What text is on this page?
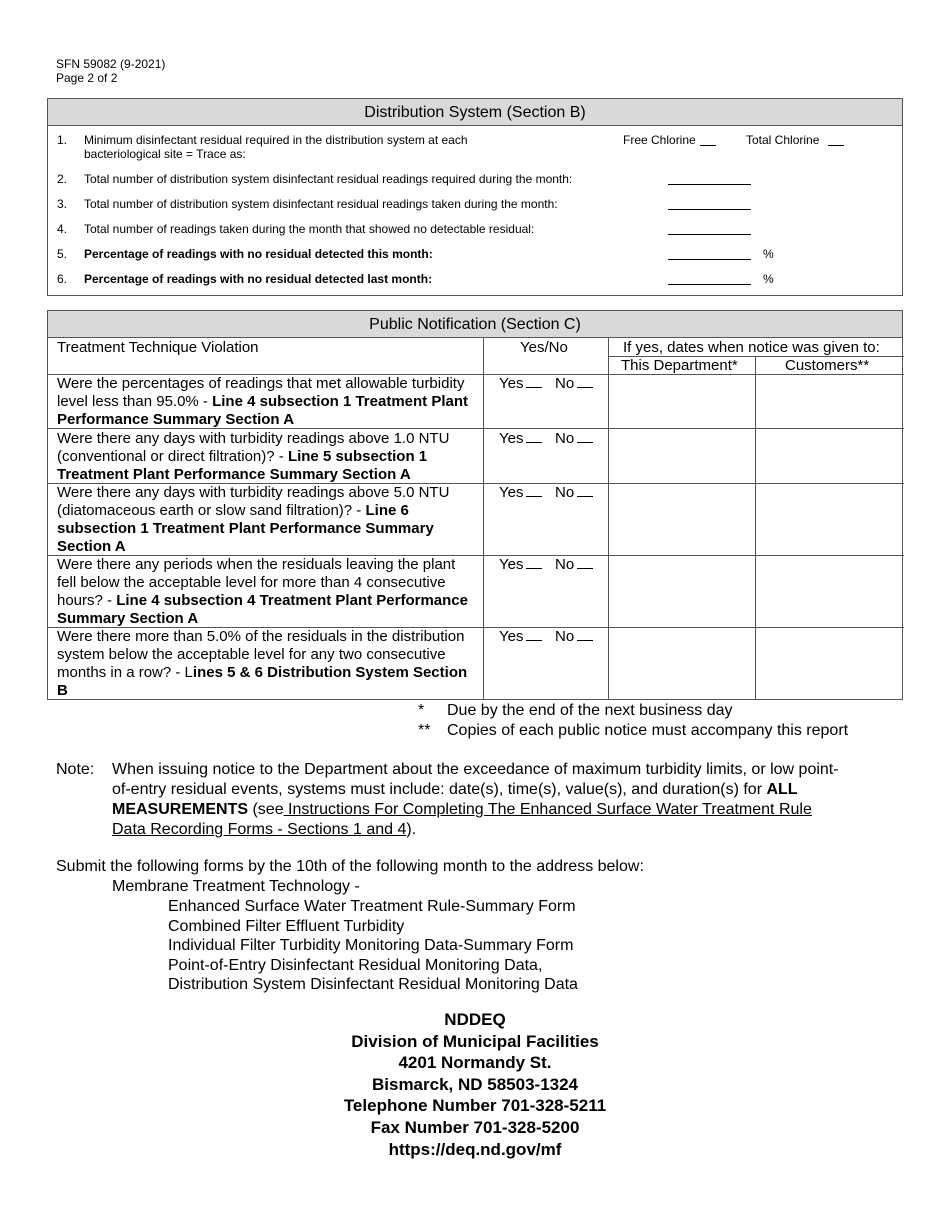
SFN 59082 (9-2021)
Page 2 of 2
Distribution System (Section B)
1. Minimum disinfectant residual required in the distribution system at each bacteriological site = Trace as:
Free Chlorine	Total Chlorine
2. Total number of distribution system disinfectant residual readings required during the month:
3. Total number of distribution system disinfectant residual readings taken during the month:
4. Total number of readings taken during the month that showed no detectable residual:
5. Percentage of readings with no residual detected this month:	%
6. Percentage of readings with no residual detected last month:	%
Public Notification (Section C)
Treatment Technique Violation	Yes/No	If yes, dates when notice was given to:
This Department*	Customers**
Were the percentages of readings that met allowable turbidity level less than 95.0% - Line 4 subsection 1 Treatment Plant Performance Summary Section A
Yes No
Were there any days with turbidity readings above 1.0 NTU (conventional or direct filtration)? - Line 5 subsection 1 Treatment Plant Performance Summary Section A
Yes No
Were there any days with turbidity readings above 5.0 NTU (diatomaceous earth or slow sand filtration)? - Line 6 subsection 1 Treatment Plant Performance Summary Section A
Yes No
Were there any periods when the residuals leaving the plant fell below the acceptable level for more than 4 consecutive hours? - Line 4 subsection 4 Treatment Plant Performance Summary Section A
Yes No
Were there more than 5.0% of the residuals in the distribution system below the acceptable level for any two consecutive months in a row? - Lines 5 & 6 Distribution System Section B
Yes No
* Due by the end of the next business day
** Copies of each public notice must accompany this report
Note: When issuing notice to the Department about the exceedance of maximum turbidity limits, or low point-of-entry residual events, systems must include: date(s), time(s), value(s), and duration(s) for ALL MEASUREMENTS (see Instructions For Completing The Enhanced Surface Water Treatment Rule Data Recording Forms - Sections 1 and 4).
Submit the following forms by the 10th of the following month to the address below:
Membrane Treatment Technology -
Enhanced Surface Water Treatment Rule-Summary Form
Combined Filter Effluent Turbidity
Individual Filter Turbidity Monitoring Data-Summary Form
Point-of-Entry Disinfectant Residual Monitoring Data,
Distribution System Disinfectant Residual Monitoring Data
NDDEQ
Division of Municipal Facilities
4201 Normandy St.
Bismarck, ND 58503-1324
Telephone Number 701-328-5211
Fax Number 701-328-5200
https://deq.nd.gov/mf
